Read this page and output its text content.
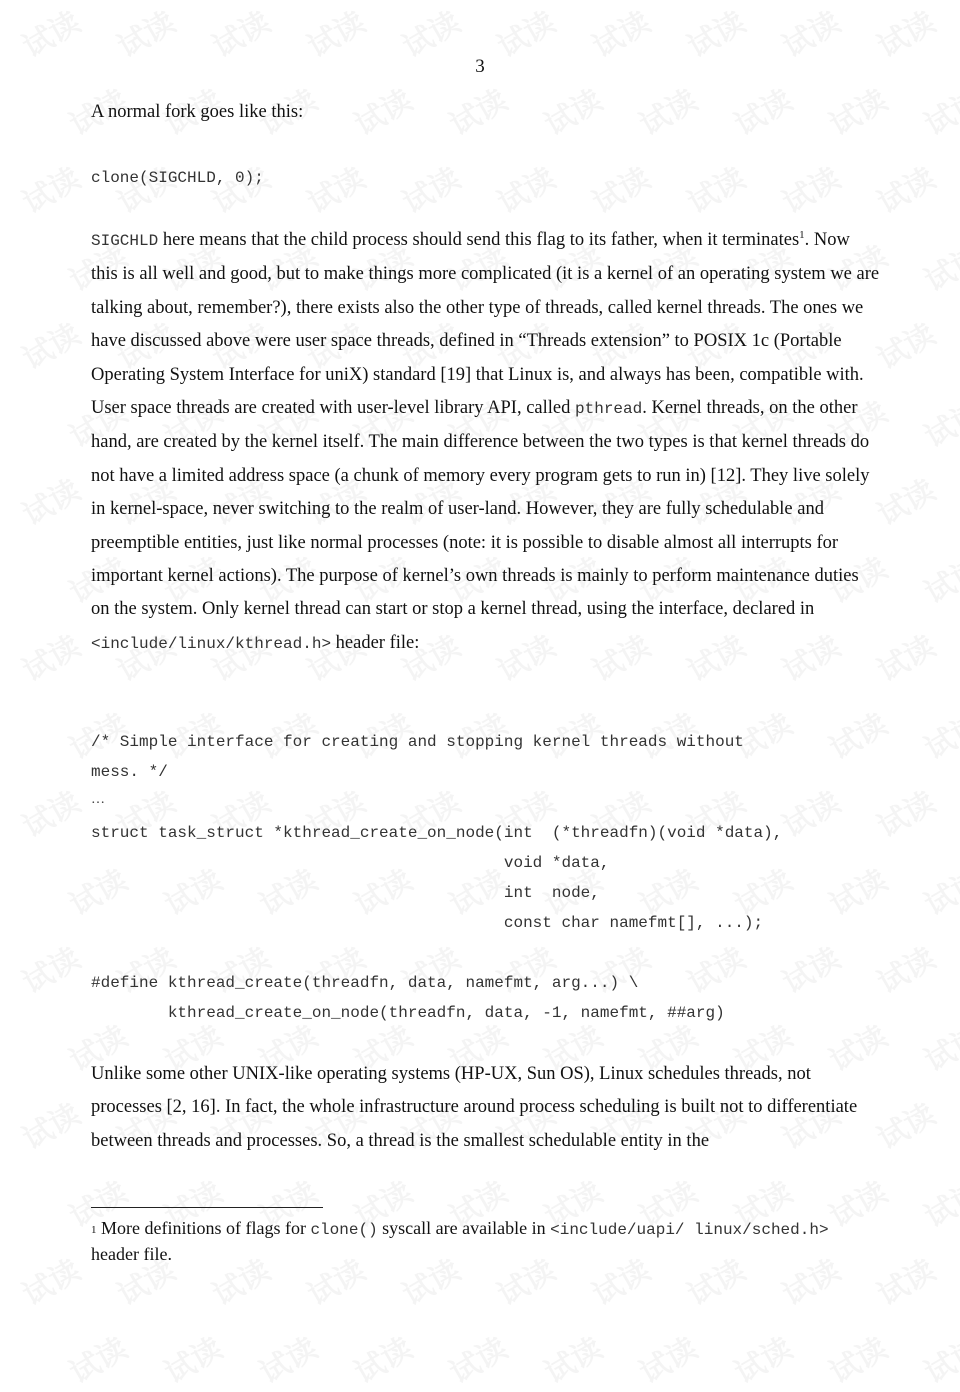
3
A normal fork goes like this:
clone(SIGCHLD, 0);
SIGCHLD here means that the child process should send this flag to its father, when it terminates$^1$. Now this is all well and good, but to make things more complicated (it is a kernel of an operating system we are talking about, remember?), there exists also the other type of threads, called kernel threads. The ones we have discussed above were user space threads, defined in “Threads extension” to POSIX 1c (Portable Operating System Interface for uniX) standard [19] that Linux is, and always has been, compatible with. User space threads are created with user-level library API, called pthread. Kernel threads, on the other hand, are created by the kernel itself. The main difference between the two types is that kernel threads do not have a limited address space (a chunk of memory every program gets to run in) [12]. They live solely in kernel-space, never switching to the realm of user-land. However, they are fully schedulable and preemptible entities, just like normal processes (note: it is possible to disable almost all interrupts for important kernel actions). The purpose of kernel’s own threads is mainly to perform maintenance duties on the system. Only kernel thread can start or stop a kernel thread, using the interface, declared in <include/linux/kthread.h> header file:
/* Simple interface for creating and stopping kernel threads without
mess. */
…
struct task_struct *kthread_create_on_node(int  (*threadfn)(void *data),
void *data,
int  node,
const char namefmt[], ...);
#define kthread_create(threadfn, data, namefmt, arg...) \
kthread_create_on_node(threadfn, data, -1, namefmt, ##arg)
Unlike some other UNIX-like operating systems (HP-UX, Sun OS), Linux schedules threads, not processes [2, 16]. In fact, the whole infrastructure around process scheduling is built not to differentiate between threads and processes. So, a thread is the smallest schedulable entity in the
$^1$ More definitions of flags for clone() syscall are available in <include/uapi/ linux/sched.h> header file.
